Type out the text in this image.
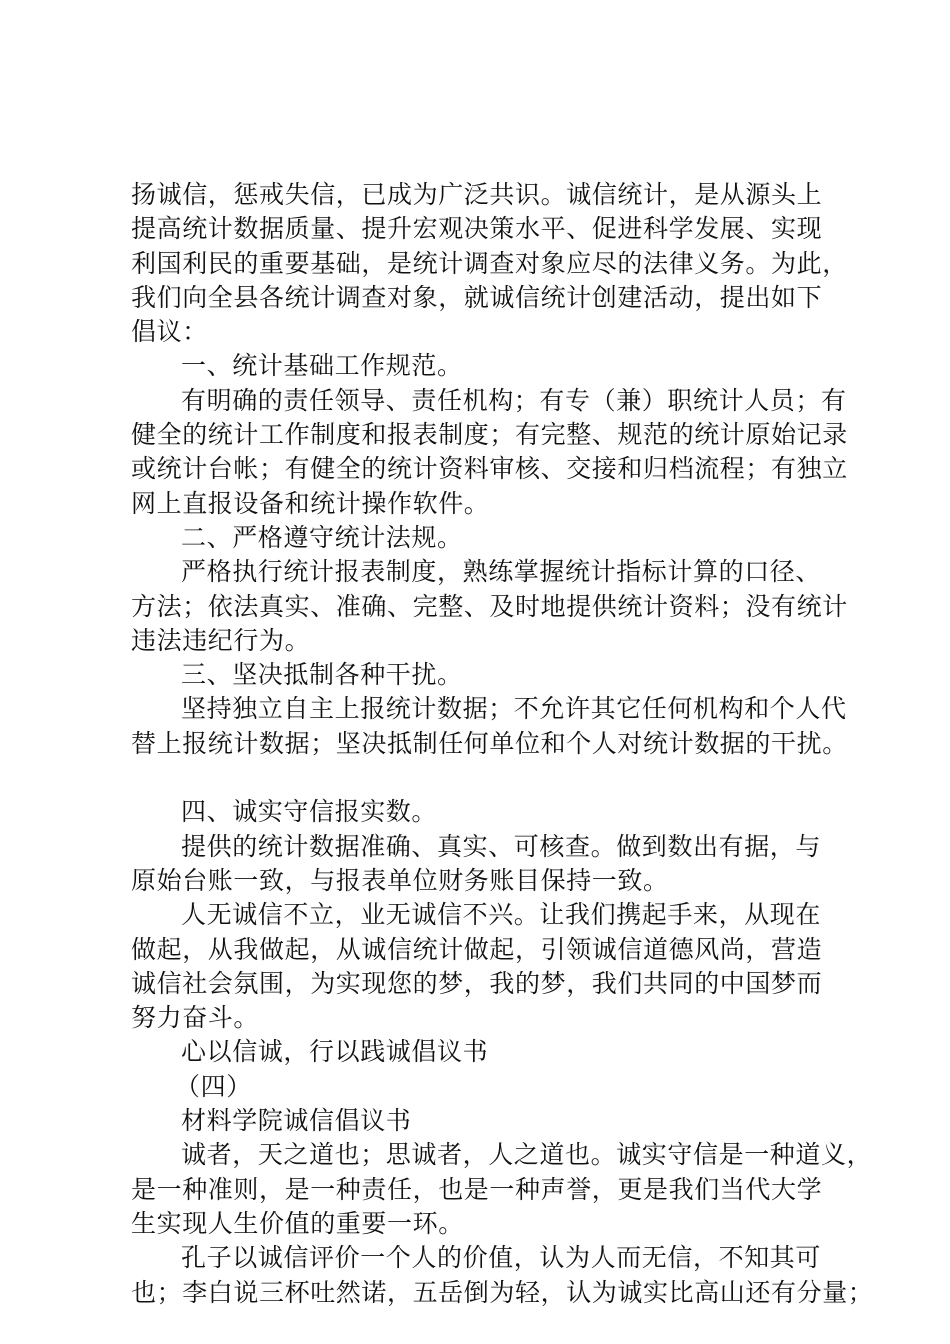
扬诚信，惩戒失信，已成为广泛共识。诚信统计，是从源头上
提高统计数据质量、提升宏观决策水平、促进科学发展、实现
利国利民的重要基础，是统计调查对象应尽的法律义务。为此，
我们向全县各统计调查对象，就诚信统计创建活动，提出如下
倡议：
一、统计基础工作规范。
有明确的责任领导、责任机构；有专（兼）职统计人员；有
健全的统计工作制度和报表制度；有完整、规范的统计原始记录
或统计台帐；有健全的统计资料审核、交接和归档流程；有独立
网上直报设备和统计操作软件。
二、严格遵守统计法规。
严格执行统计报表制度，熟练掌握统计指标计算的口径、
方法；依法真实、准确、完整、及时地提供统计资料；没有统计
违法违纪行为。
三、坚决抵制各种干扰。
坚持独立自主上报统计数据；不允许其它任何机构和个人代
替上报统计数据；坚决抵制任何单位和个人对统计数据的干扰。
四、诚实守信报实数。
提供的统计数据准确、真实、可核查。做到数出有据，与
原始台账一致，与报表单位财务账目保持一致。
人无诚信不立，业无诚信不兴。让我们携起手来，从现在
做起，从我做起，从诚信统计做起，引领诚信道德风尚，营造
诚信社会氛围，为实现您的梦，我的梦，我们共同的中国梦而
努力奋斗。
心以信诚，行以践诚倡议书
（四）
材料学院诚信倡议书
诚者，天之道也；思诚者，人之道也。诚实守信是一种道义，
是一种准则，是一种责任，也是一种声誉，更是我们当代大学
生实现人生价值的重要一环。
孔子以诚信评价一个人的价值，认为人而无信，不知其可
也；李白说三杯吐然诺，五岳倒为轻，认为诚实比高山还有分量；
